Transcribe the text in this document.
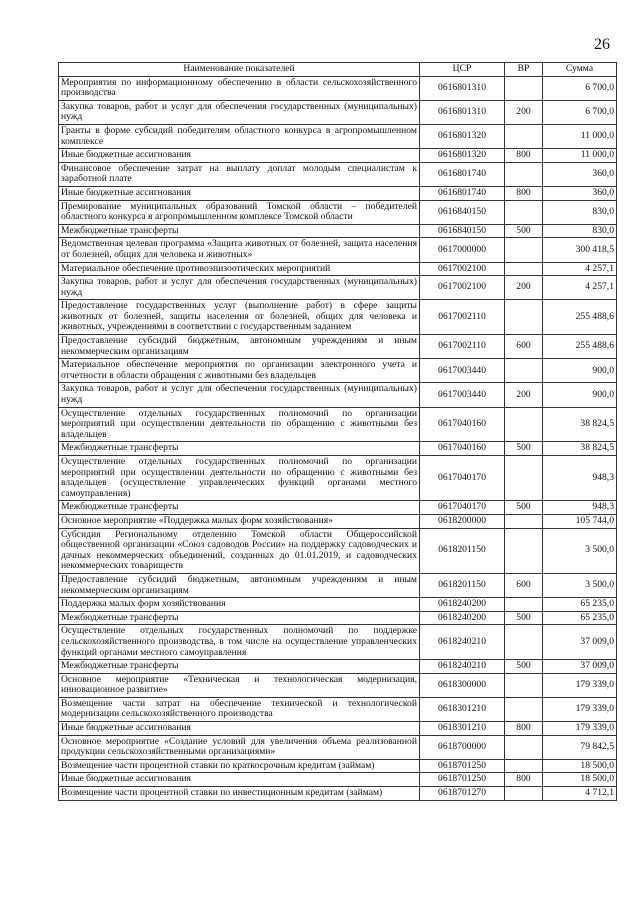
26
Наименование показателей	ЦСР	ВР	Сумма
Мероприятия по информационному обеспечению в области сельскохозяйственного производства	0616801310		6 700,0
Закупка товаров, работ и услуг для обеспечения государственных (муниципальных) нужд	0616801310	200	6 700,0
Гранты в форме субсидий победителям областного конкурса в агропромышленном комплексе	0616801320		11 000,0
Иные бюджетные ассигнования	0616801320	800	11 000,0
Финансовое обеспечение затрат на выплату доплат молодым специалистам к заработной плате	0616801740		360,0
Иные бюджетные ассигнования	0616801740	800	360,0
Премирование муниципальных образований Томской области – победителей областного конкурса в агропромышленном комплексе Томской области	0616840150		830,0
Межбюджетные трансферты	0616840150	500	830,0
Ведомственная целевая программа «Защита животных от болезней, защита населения от болезней, общих для человека и животных»	0617000000		300 418,5
Материальное обеспечение противоэпизоотических мероприятий	0617002100		4 257,1
Закупка товаров, работ и услуг для обеспечения государственных (муниципальных) нужд	0617002100	200	4 257,1
Предоставление государственных услуг (выполнение работ) в сфере защиты животных от болезней, защиты населения от болезней, общих для человека и животных, учреждениями в соответствии с государственным заданием	0617002110		255 488,6
Предоставление субсидий бюджетным, автономным учреждениям и иным некоммерческим организациям	0617002110	600	255 488,6
Материальное обеспечение мероприятия по организации электронного учета и отчетности в области обращения с животными без владельцев	0617003440		900,0
Закупка товаров, работ и услуг для обеспечения государственных (муниципальных) нужд	0617003440	200	900,0
Осуществление отдельных государственных полномочий по организации мероприятий при осуществлении деятельности по обращению с животными без владельцев	0617040160		38 824,5
Межбюджетные трансферты	0617040160	500	38 824,5
Осуществление отдельных государственных полномочий по организации мероприятий при осуществлении деятельности по обращению с животными без владельцев (осуществление управленческих функций органами местного самоуправления)	0617040170		948,3
Межбюджетные трансферты	0617040170	500	948,3
Основное мероприятие «Поддержка малых форм хозяйствования»	0618200000		105 744,0
Субсидия Региональному отделению Томской области Общероссийской общественной организации «Союз садоводов России» на поддержку садоводческих и дачных некоммерческих объединений, созданных до 01.01.2019, и садоводческих некоммерческих товариществ	0618201150		3 500,0
Предоставление субсидий бюджетным, автономным учреждениям и иным некоммерческим организациям	0618201150	600	3 500,0
Поддержка малых форм хозяйствования	0618240200		65 235,0
Межбюджетные трансферты	0618240200	500	65 235,0
Осуществление отдельных государственных полномочий по поддержке сельскохозяйственного производства, в том числе на осуществление управленческих функций органами местного самоуправления	0618240210		37 009,0
Межбюджетные трансферты	0618240210	500	37 009,0
Основное мероприятие «Техническая и технологическая модернизация, инновационное развитие»	0618300000		179 339,0
Возмещение части затрат на обеспечение технической и технологической модернизации сельскохозяйственного производства	0618301210		179 339,0
Иные бюджетные ассигнования	0618301210	800	179 339,0
Основное мероприятие «Создание условий для увеличения объема реализованной продукции сельскохозяйственными организациями»	0618700000		79 842,5
Возмещение части процентной ставки по краткосрочным кредитам (займам)	0618701250		18 500,0
Иные бюджетные ассигнования	0618701250	800	18 500,0
Возмещение части процентной ставки по инвестиционным кредитам (займам)	0618701270		4 712,1
